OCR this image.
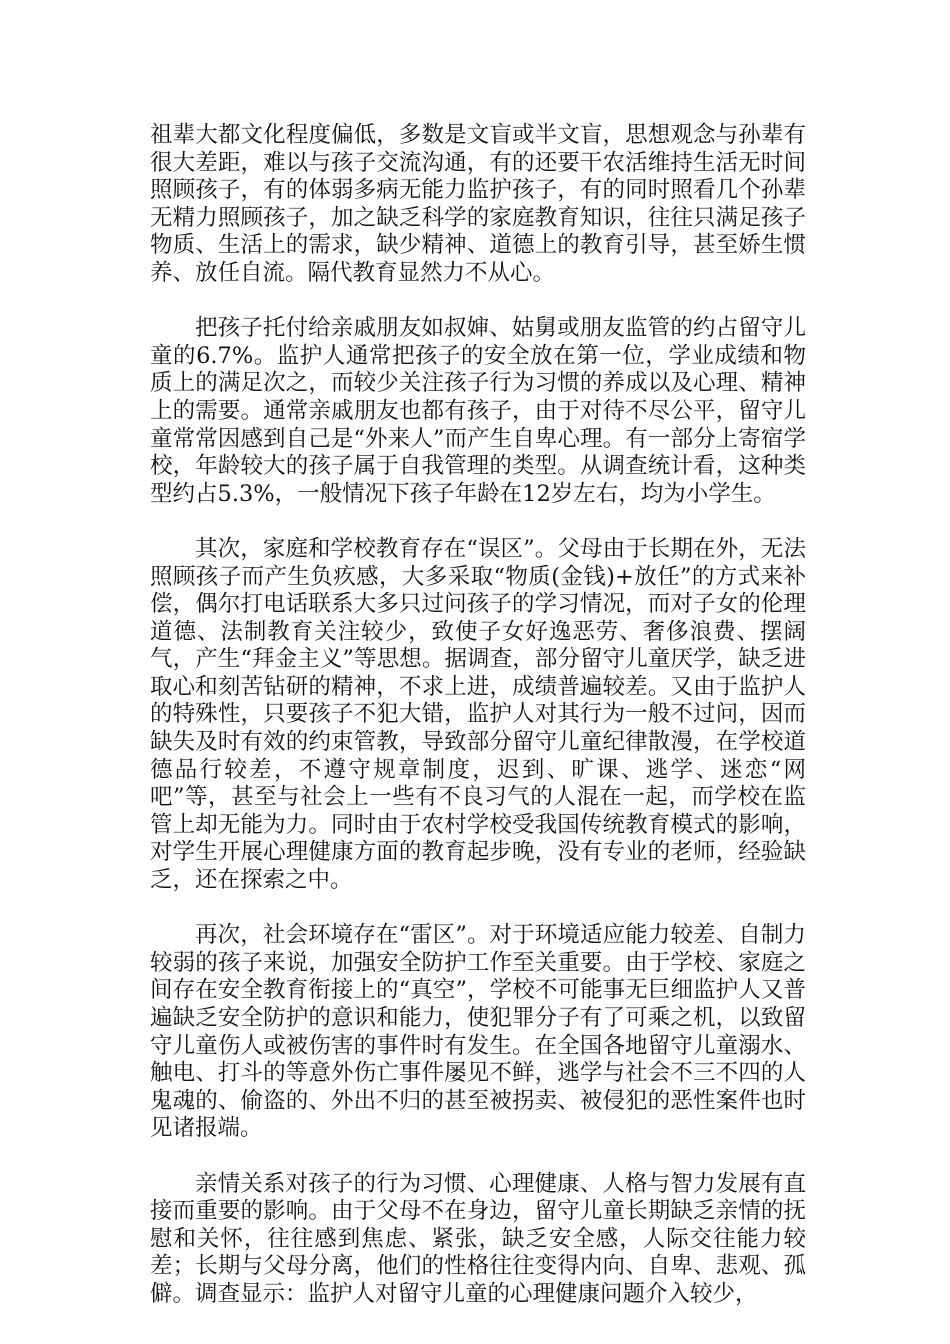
祖辈大都文化程度偏低，多数是文盲或半文盲，思想观念与孙辈有很大差距，难以与孩子交流沟通，有的还要干农活维持生活无时间照顾孩子，有的体弱多病无能力监护孩子，有的同时照看几个孙辈无精力照顾孩子，加之缺乏科学的家庭教育知识，往往只满足孩子物质、生活上的需求，缺少精神、道德上的教育引导，甚至娇生惯养、放任自流。隔代教育显然力不从心。

把孩子托付给亲戚朋友如叔婶、姑舅或朋友监管的约占留守儿童的6.7%。监护人通常把孩子的安全放在第一位，学业成绩和物质上的满足次之，而较少关注孩子行为习惯的养成以及心理、精神上的需要。通常亲戚朋友也都有孩子，由于对待不尽公平，留守儿童常常因感到自己是“外来人”而产生自卑心理。有一部分上寄宿学校，年龄较大的孩子属于自我管理的类型。从调查统计看，这种类型约占5.3%，一般情况下孩子年龄在12岁左右，均为小学生。

其次，家庭和学校教育存在“误区”。父母由于长期在外，无法照顾孩子而产生负疚感，大多采取“物质(金钱)+放任”的方式来补偿，偶尔打电话联系大多只过问孩子的学习情况，而对子女的伦理道德、法制教育关注较少，致使子女好逸恶劳、奢侈浪费、摆阔气，产生“拜金主义”等思想。据调查，部分留守儿童厌学，缺乏进取心和刻苦钻研的精神，不求上进，成绩普遍较差。又由于监护人的特殊性，只要孩子不犯大错，监护人对其行为一般不过问，因而缺失及时有效的约束管教，导致部分留守儿童纪律散漫，在学校道德品行较差，不遵守规章制度，迟到、旷课、逃学、迷恋“网吧”等，甚至与社会上一些有不良习气的人混在一起，而学校在监管上却无能为力。同时由于农村学校受我国传统教育模式的影响，对学生开展心理健康方面的教育起步晚，没有专业的老师，经验缺乏，还在探索之中。

再次，社会环境存在“雷区”。对于环境适应能力较差、自制力较弱的孩子来说，加强安全防护工作至关重要。由于学校、家庭之间存在安全教育衔接上的“真空”，学校不可能事无巨细监护人又普遍缺乏安全防护的意识和能力，使犯罪分子有了可乘之机，以致留守儿童伤人或被伤害的事件时有发生。在全国各地留守儿童溺水、触电、打斗的等意外伤亡事件屡见不鲜，逃学与社会不三不四的人鬼魂的、偷盗的、外出不归的甚至被拐卖、被侵犯的恶性案件也时见诸报端。

亲情关系对孩子的行为习惯、心理健康、人格与智力发展有直接而重要的影响。由于父母不在身边，留守儿童长期缺乏亲情的抚慰和关怀，往往感到焦虑、紧张，缺乏安全感，人际交往能力较差；长期与父母分离，他们的性格往往变得内向、自卑、悲观、孤僻。调查显示：监护人对留守儿童的心理健康问题介入较少，
